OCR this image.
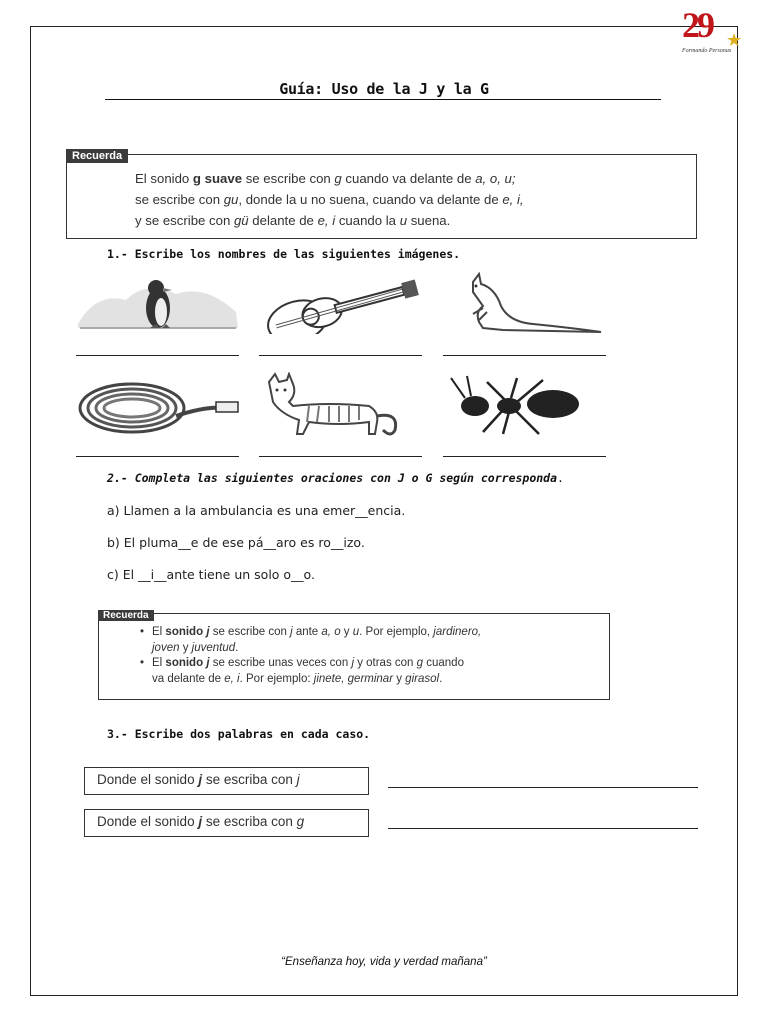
29 ★
Formando Personas
Guía: Uso de la J y la G
Recuerda
El sonido g suave se escribe con g cuando va delante de a, o, u;
se escribe con gu, donde la u no suena, cuando va delante de e, i,
y se escribe con gü delante de e, i cuando la u suena.
1.- Escribe los nombres de las siguientes imágenes.
2.- Completa las siguientes oraciones con J o G según corresponda.
a) Llamen a la ambulancia es una emer__encia.
b) El pluma__e de ese pá__aro es ro__izo.
c) El __i__ante tiene un solo o__o.
Recuerda
• El sonido j se escribe con j ante a, o y u. Por ejemplo, jardinero,
joven y juventud.
• El sonido j se escribe unas veces con j y otras con g cuando
va delante de e, i. Por ejemplo: jinete, germinar y girasol.
3.- Escribe dos palabras en cada caso.
Donde el sonido j se escriba con j
Donde el sonido j se escriba con g
“Enseñanza hoy, vida y verdad mañana”
